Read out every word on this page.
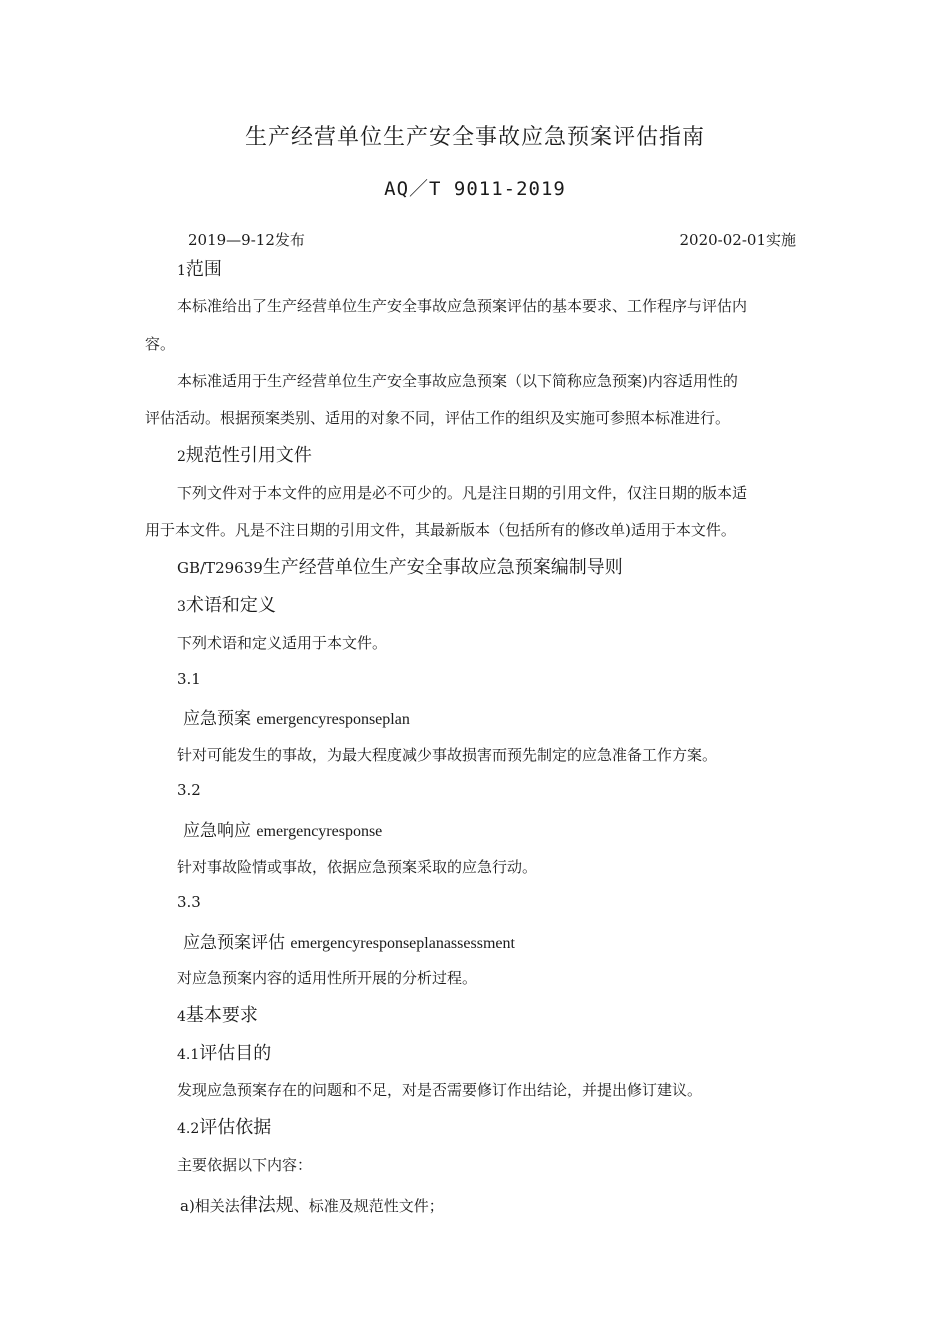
生产经营单位生产安全事故应急预案评估指南
AQ／T 9011-2019
2019—9-12发布	2020-02-01实施
1范围
本标准给出了生产经营单位生产安全事故应急预案评估的基本要求、工作程序与评估内
容。
本标准适用于生产经营单位生产安全事故应急预案（以下简称应急预案)内容适用性的
评估活动。根据预案类别、适用的对象不同，评估工作的组织及实施可参照本标准进行。
2规范性引用文件
下列文件对于本文件的应用是必不可少的。凡是注日期的引用文件，仅注日期的版本适
用于本文件。凡是不注日期的引用文件，其最新版本（包括所有的修改单)适用于本文件。
GB/T29639生产经营单位生产安全事故应急预案编制导则
3术语和定义
下列术语和定义适用于本文件。
3.1
应急预案 emergencyresponseplan
针对可能发生的事故，为最大程度减少事故损害而预先制定的应急准备工作方案。
3.2
应急响应 emergencyresponse
针对事故险情或事故，依据应急预案采取的应急行动。
3.3
应急预案评估 emergencyresponseplanassessment
对应急预案内容的适用性所开展的分析过程。
4基本要求
4.1评估目的
发现应急预案存在的问题和不足，对是否需要修订作出结论，并提出修订建议。
4.2评估依据
主要依据以下内容：
a)相关法律法规、标准及规范性文件；
